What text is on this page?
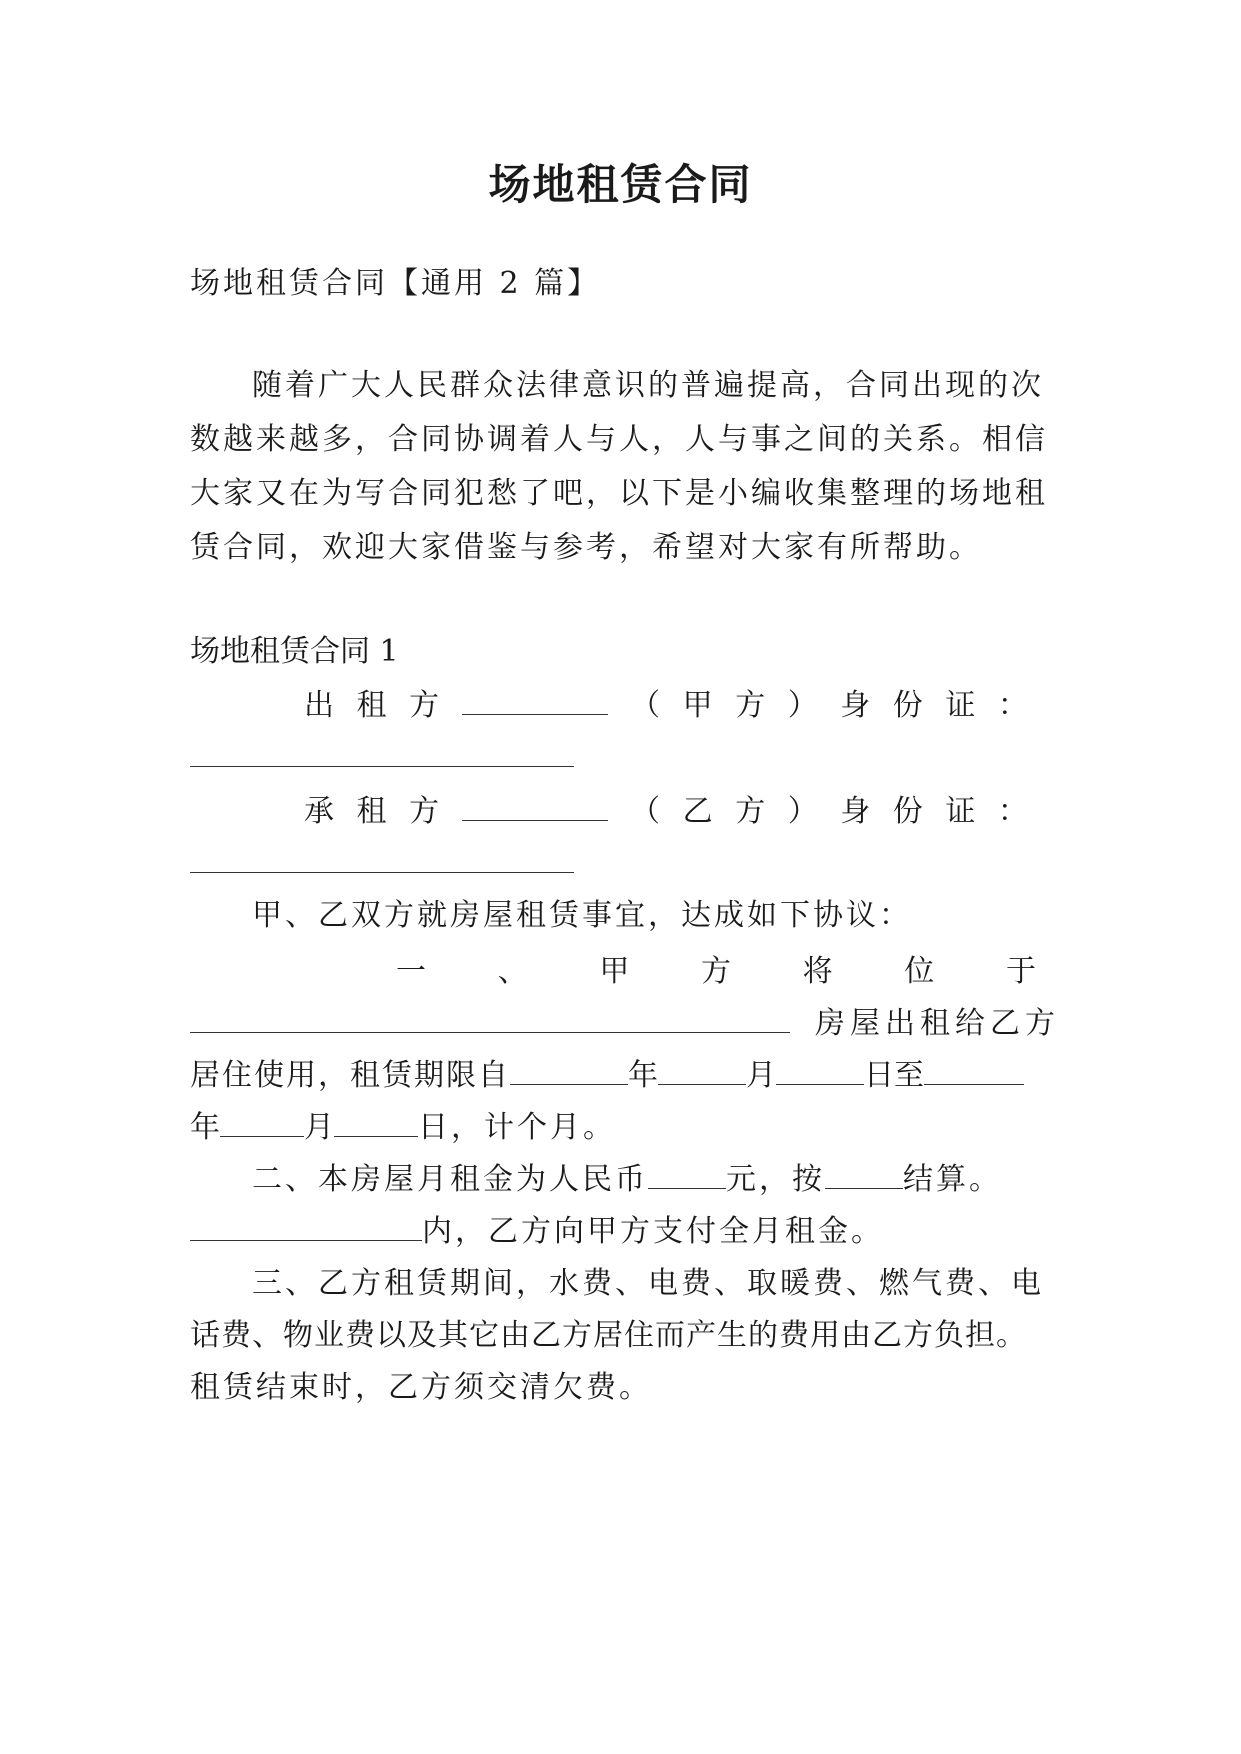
场地租赁合同
场地租赁合同【通用 2 篇】
随着广大人民群众法律意识的普遍提高，合同出现的次
数越来越多，合同协调着人与人，人与事之间的关系。相信
大家又在为写合同犯愁了吧，以下是小编收集整理的场地租
赁合同，欢迎大家借鉴与参考，希望对大家有所帮助。
场地租赁合同 1
出 租 方	（ 甲 方 ） 身 份 证 ：
承 租 方	（ 乙 方 ） 身 份 证 ：
甲、乙双方就房屋租赁事宜，达成如下协议：
一 、 甲 方 将 位 于
房屋出租给乙方
居住使用，租赁期限自	年	月	日至
年	月	日，计个月。
二、本房屋月租金为人民币	元，按	结算。
内，乙方向甲方支付全月租金。
三、乙方租赁期间，水费、电费、取暖费、燃气费、电
话费、物业费以及其它由乙方居住而产生的费用由乙方负担。
租赁结束时，乙方须交清欠费。
